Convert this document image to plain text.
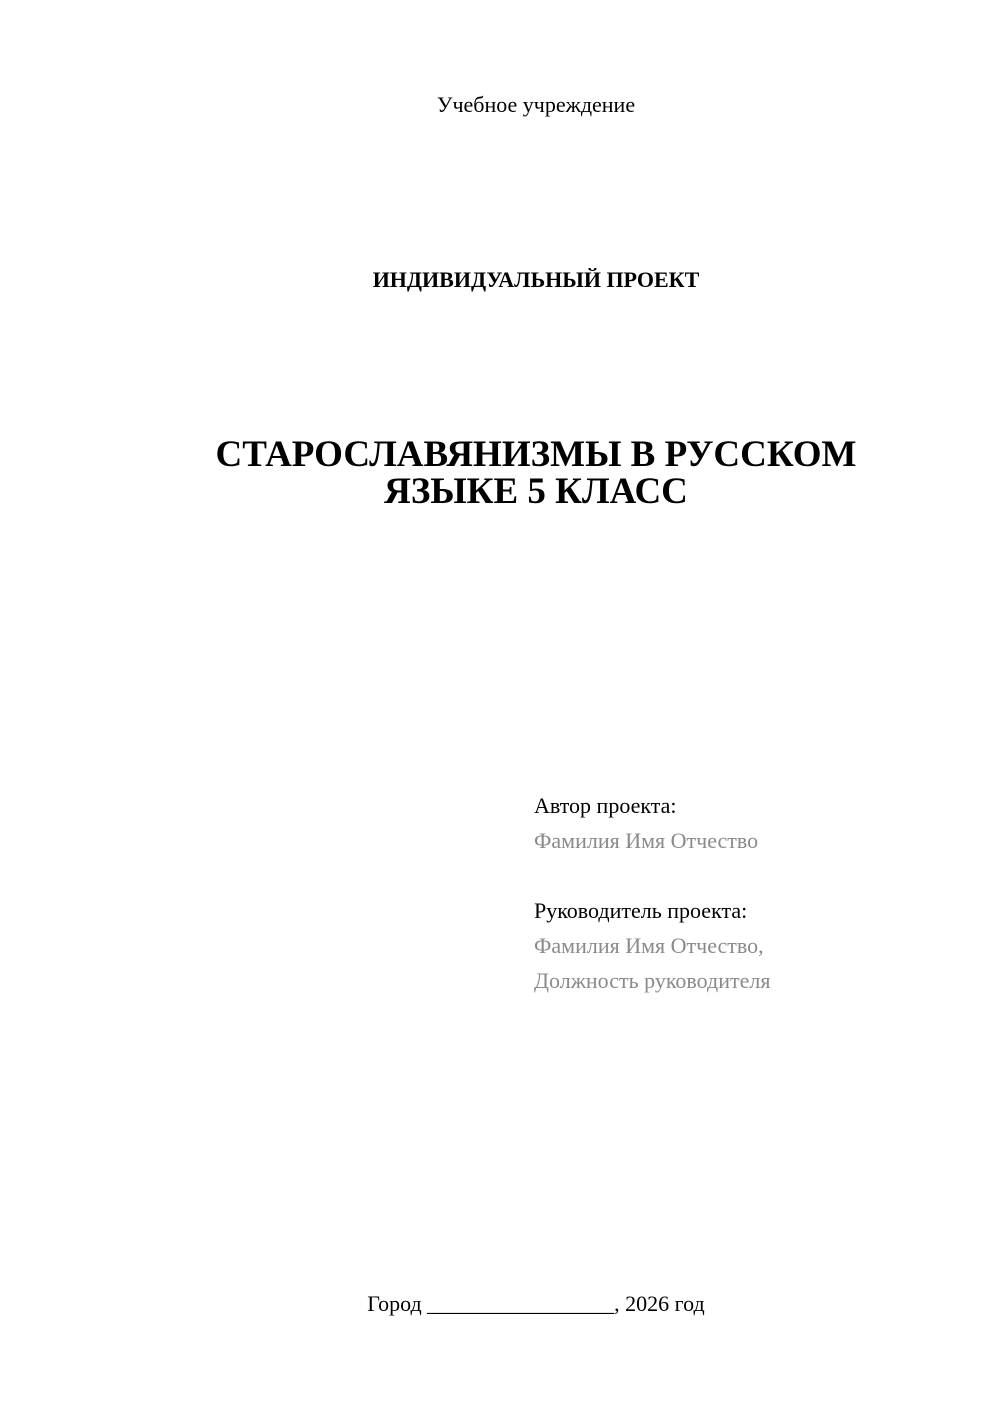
Учебное учреждение
ИНДИВИДУАЛЬНЫЙ ПРОЕКТ
СТАРОСЛАВЯНИЗМЫ В РУССКОМ
ЯЗЫКЕ 5 КЛАСС
Автор проекта:
Фамилия Имя Отчество
Руководитель проекта:
Фамилия Имя Отчество,
Должность руководителя
Город _________________, 2026 год
